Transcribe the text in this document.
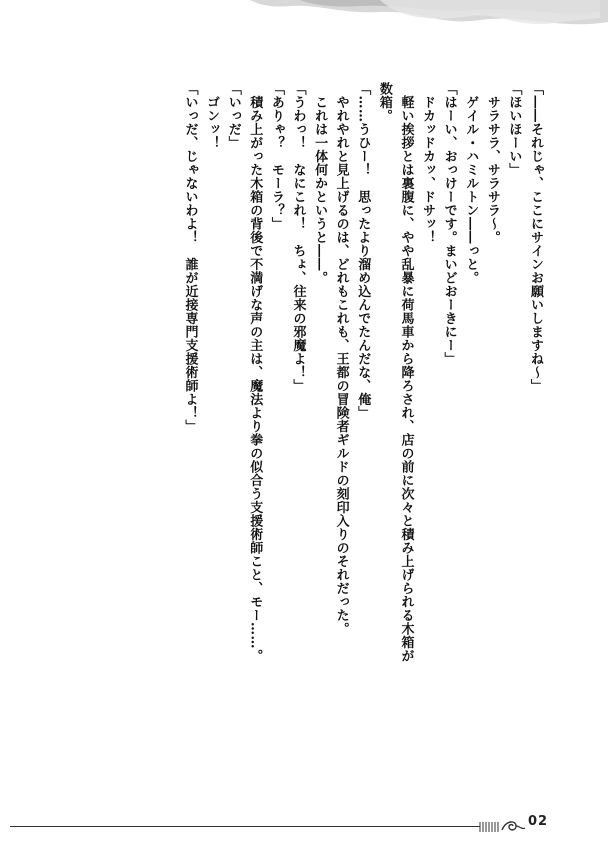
「――それじゃ、ここにサインお願いしますね～」
「ほいほーい」
　サラサラ、サラサラ～。
　ゲイル・ハミルトン――っと。
「はーい、おっけーです。まいどおーきにー」
　ドカッドカッ、ドサッ！
　軽い挨拶とは裏腹に、やや乱暴に荷馬車から降ろされ、店の前に次々と積み上げられる木箱が
数箱。
「……うひー！　思ったより溜め込んでたんだな、俺」
　やれやれと見上げるのは、どれもこれも、王都の冒険者ギルドの刻印入りのそれだった。
　これは一体何かというと――。
「うわっ！　なにこれ！　ちょ、往来の邪魔よ！」
「ありゃ？　モーラ？」
　積み上がった木箱の背後で不満げな声の主は、魔法より拳の似合う支援術師こと、モー……。
「いっだ」
　ゴンッ！
「いっだ、じゃないわよ！　誰が近接専門支援術師よ！」
02
